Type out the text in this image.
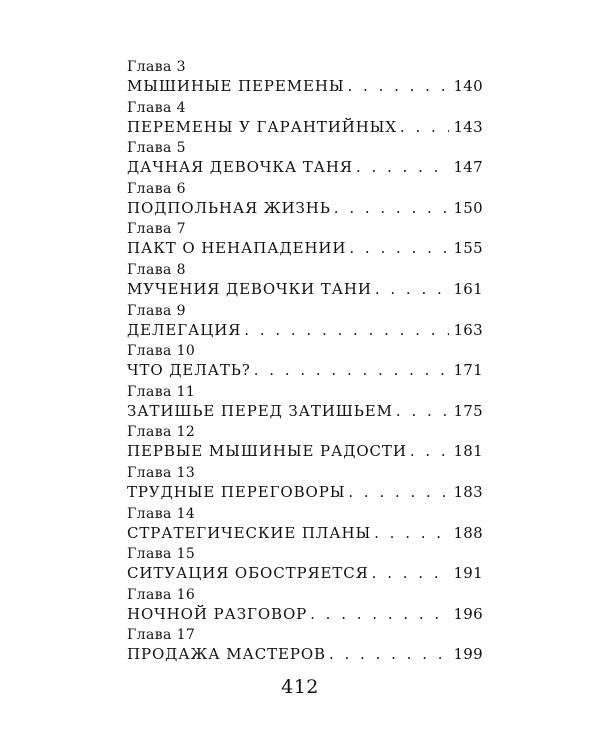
Глава 3
МЫШИНЫЕ ПЕРЕМЕНЫ . . .	140
Глава 4
ПЕРЕМЕНЫ У ГАРАНТИЙНЫХ . . .	143
Глава 5
ДАЧНАЯ ДЕВОЧКА ТАНЯ . . .	147
Глава 6
ПОДПОЛЬНАЯ ЖИЗНЬ . . .	150
Глава 7
ПАКТ О НЕНАПАДЕНИИ . . .	155
Глава 8
МУЧЕНИЯ ДЕВОЧКИ ТАНИ . . .	161
Глава 9
ДЕЛЕГАЦИЯ . . .	163
Глава 10
ЧТО ДЕЛАТЬ? . . .	171
Глава 11
ЗАТИШЬЕ ПЕРЕД ЗАТИШЬЕМ . . .	175
Глава 12
ПЕРВЫЕ МЫШИНЫЕ РАДОСТИ . . .	181
Глава 13
ТРУДНЫЕ ПЕРЕГОВОРЫ . . .	183
Глава 14
СТРАТЕГИЧЕСКИЕ ПЛАНЫ . . .	188
Глава 15
СИТУАЦИЯ ОБОСТРЯЕТСЯ . . .	191
Глава 16
НОЧНОЙ РАЗГОВОР . . .	196
Глава 17
ПРОДАЖА МАСТЕРОВ . . .	199
412
